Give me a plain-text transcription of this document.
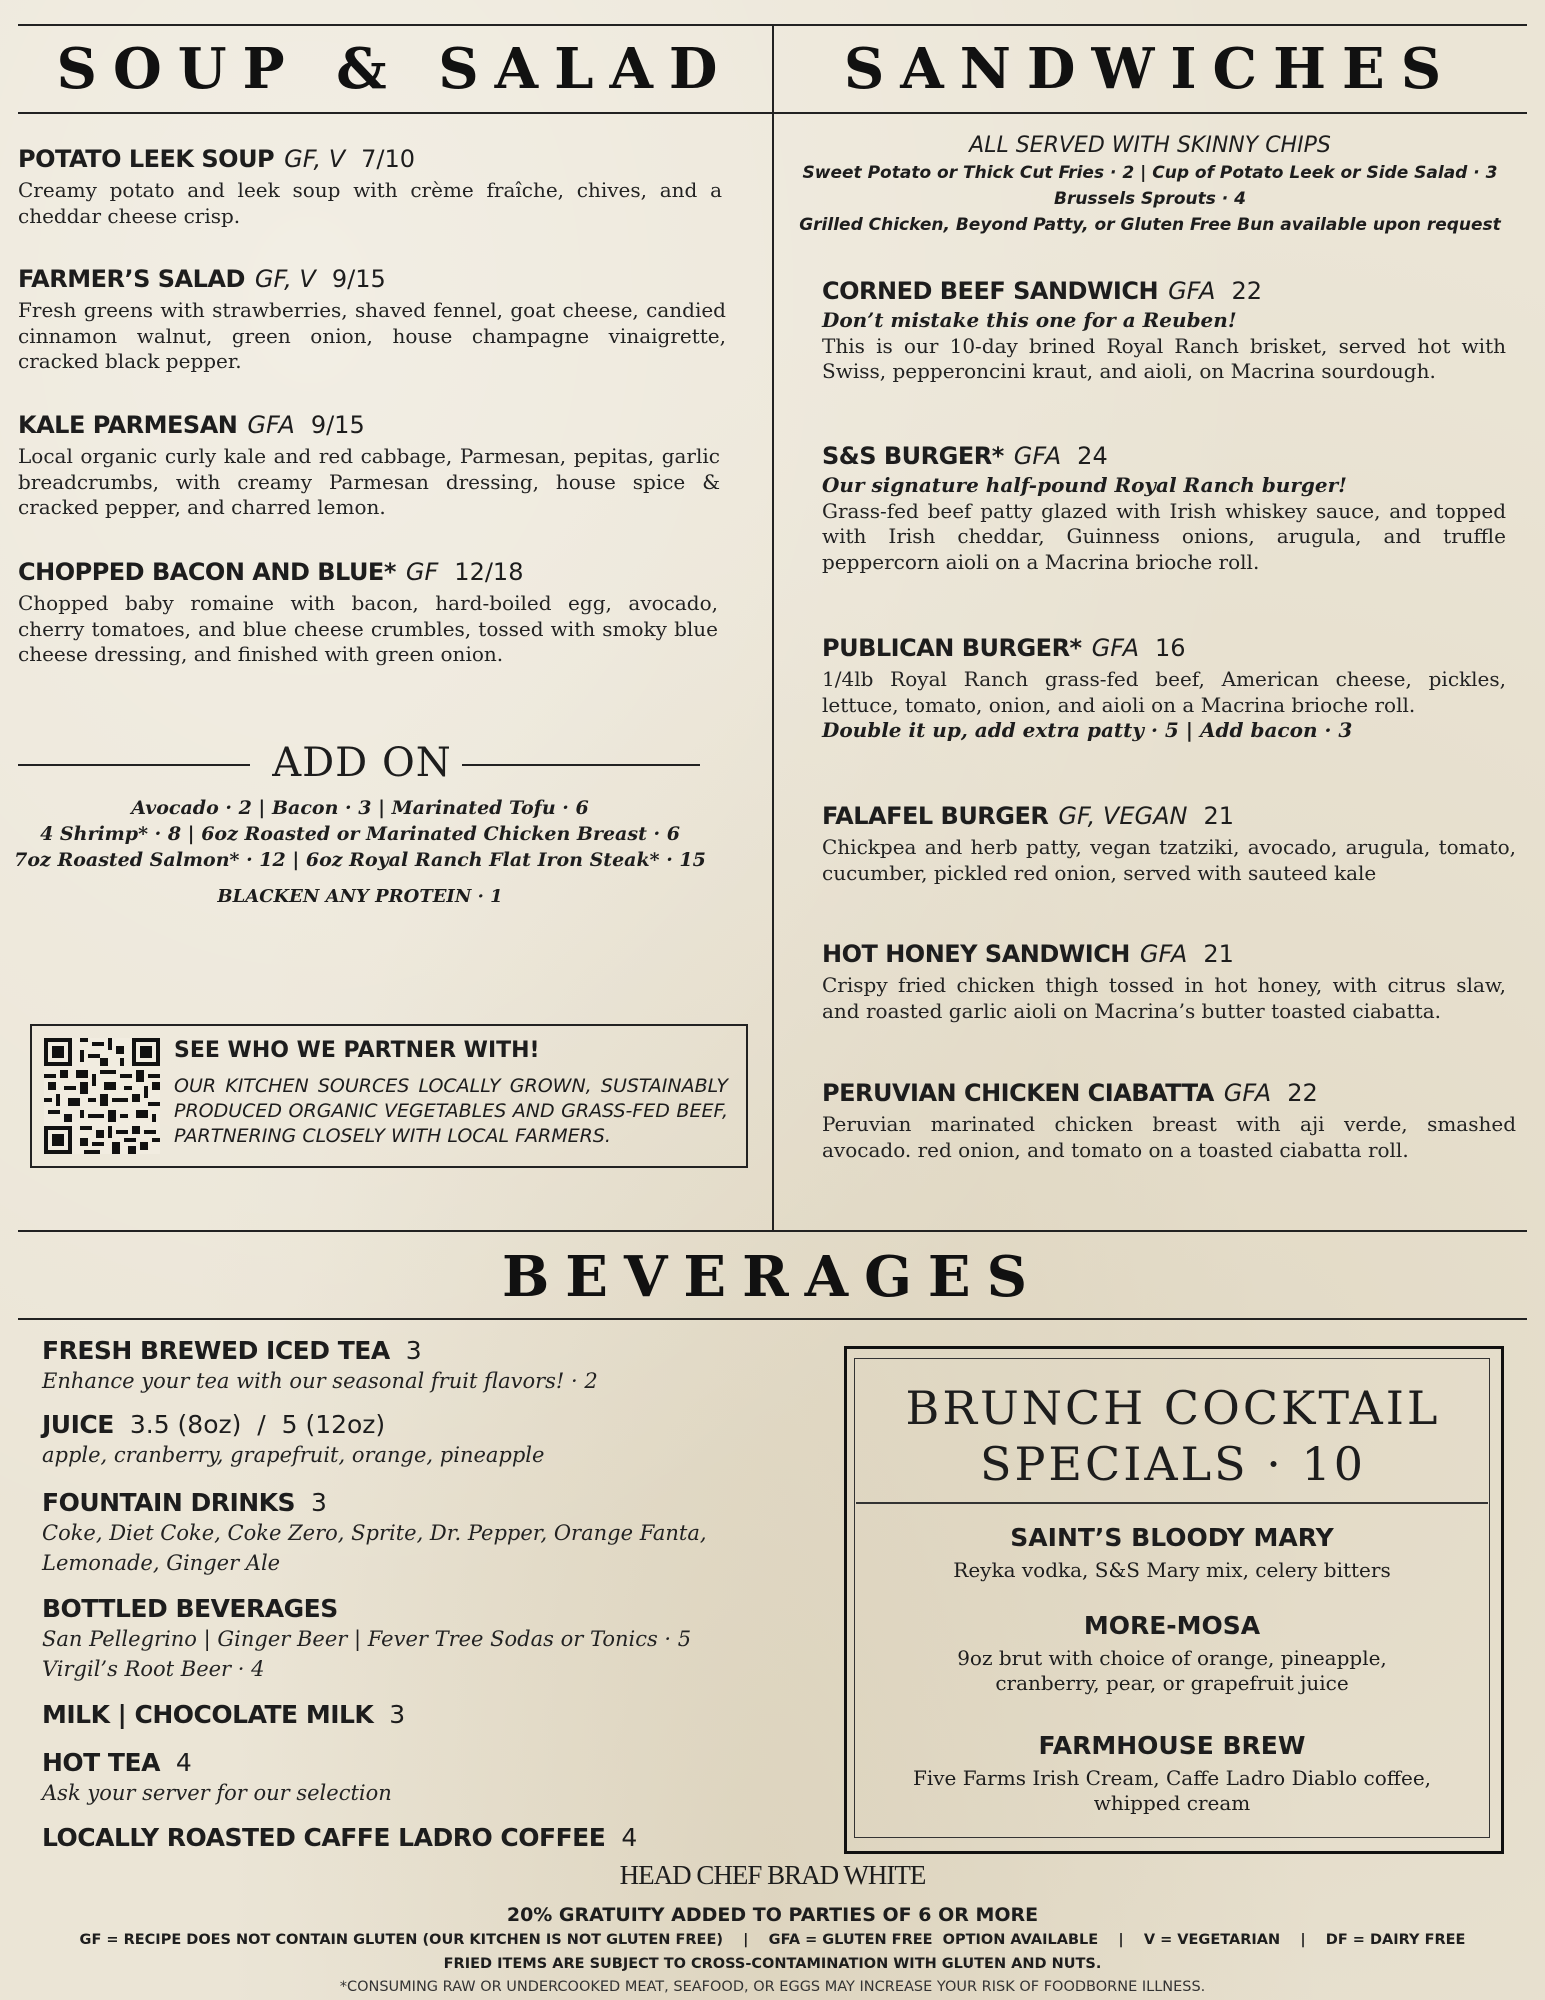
SOUP & SALAD
POTATO LEEK SOUP GF, V 7/10
Creamy potato and leek soup with crème fraîche, chives, and a cheddar cheese crisp.
FARMER’S SALAD GF, V 9/15
Fresh greens with strawberries, shaved fennel, goat cheese, candied cinnamon walnut, green onion, house champagne vinaigrette, cracked black pepper.
KALE PARMESAN GFA 9/15
Local organic curly kale and red cabbage, Parmesan, pepitas, garlic breadcrumbs, with creamy Parmesan dressing, house spice & cracked pepper, and charred lemon.
CHOPPED BACON AND BLUE* GF 12/18
Chopped baby romaine with bacon, hard-boiled egg, avocado, cherry tomatoes, and blue cheese crumbles, tossed with smoky blue cheese dressing, and finished with green onion.
ADD ON
Avocado · 2 | Bacon · 3 | Marinated Tofu · 6
4 Shrimp* · 8 | 6oz Roasted or Marinated Chicken Breast · 6
7oz Roasted Salmon* · 12 | 6oz Royal Ranch Flat Iron Steak* · 15
BLACKEN ANY PROTEIN · 1
SEE WHO WE PARTNER WITH!
OUR KITCHEN SOURCES LOCALLY GROWN, SUSTAINABLY PRODUCED ORGANIC VEGETABLES AND GRASS-FED BEEF, PARTNERING CLOSELY WITH LOCAL FARMERS.
SANDWICHES
ALL SERVED WITH SKINNY CHIPS
Sweet Potato or Thick Cut Fries · 2 | Cup of Potato Leek or Side Salad · 3
Brussels Sprouts · 4
Grilled Chicken, Beyond Patty, or Gluten Free Bun available upon request
CORNED BEEF SANDWICH GFA 22
Don’t mistake this one for a Reuben!
This is our 10-day brined Royal Ranch brisket, served hot with Swiss, pepperoncini kraut, and aioli, on Macrina sourdough.
S&S BURGER* GFA 24
Our signature half-pound Royal Ranch burger!
Grass-fed beef patty glazed with Irish whiskey sauce, and topped with Irish cheddar, Guinness onions, arugula, and truffle peppercorn aioli on a Macrina brioche roll.
PUBLICAN BURGER* GFA 16
1/4lb Royal Ranch grass-fed beef, American cheese, pickles, lettuce, tomato, onion, and aioli on a Macrina brioche roll.
Double it up, add extra patty · 5 | Add bacon · 3
FALAFEL BURGER GF, VEGAN 21
Chickpea and herb patty, vegan tzatziki, avocado, arugula, tomato, cucumber, pickled red onion, served with sauteed kale
HOT HONEY SANDWICH GFA 21
Crispy fried chicken thigh tossed in hot honey, with citrus slaw, and roasted garlic aioli on Macrina’s butter toasted ciabatta.
PERUVIAN CHICKEN CIABATTA GFA 22
Peruvian marinated chicken breast with aji verde, smashed avocado. red onion, and tomato on a toasted ciabatta roll.
BEVERAGES
FRESH BREWED ICED TEA 3
Enhance your tea with our seasonal fruit flavors! · 2
JUICE 3.5 (8oz)  /  5 (12oz)
apple, cranberry, grapefruit, orange, pineapple
FOUNTAIN DRINKS 3
Coke, Diet Coke, Coke Zero, Sprite, Dr. Pepper, Orange Fanta, Lemonade, Ginger Ale
BOTTLED BEVERAGES
San Pellegrino | Ginger Beer | Fever Tree Sodas or Tonics · 5 Virgil’s Root Beer · 4
MILK | CHOCOLATE MILK 3
HOT TEA 4
Ask your server for our selection
LOCALLY ROASTED CAFFE LADRO COFFEE 4
BRUNCH COCKTAIL
SPECIALS · 10
SAINT’S BLOODY MARY
Reyka vodka, S&S Mary mix, celery bitters
MORE-MOSA
9oz brut with choice of orange, pineapple, cranberry, pear, or grapefruit juice
FARMHOUSE BREW
Five Farms Irish Cream, Caffe Ladro Diablo coffee, whipped cream
HEAD CHEF BRAD WHITE
20% GRATUITY ADDED TO PARTIES OF 6 OR MORE
GF = RECIPE DOES NOT CONTAIN GLUTEN (OUR KITCHEN IS NOT GLUTEN FREE)    |    GFA = GLUTEN FREE  OPTION AVAILABLE    |    V = VEGETARIAN    |    DF = DAIRY FREE
FRIED ITEMS ARE SUBJECT TO CROSS-CONTAMINATION WITH GLUTEN AND NUTS.
*CONSUMING RAW OR UNDERCOOKED MEAT, SEAFOOD, OR EGGS MAY INCREASE YOUR RISK OF FOODBORNE ILLNESS.
